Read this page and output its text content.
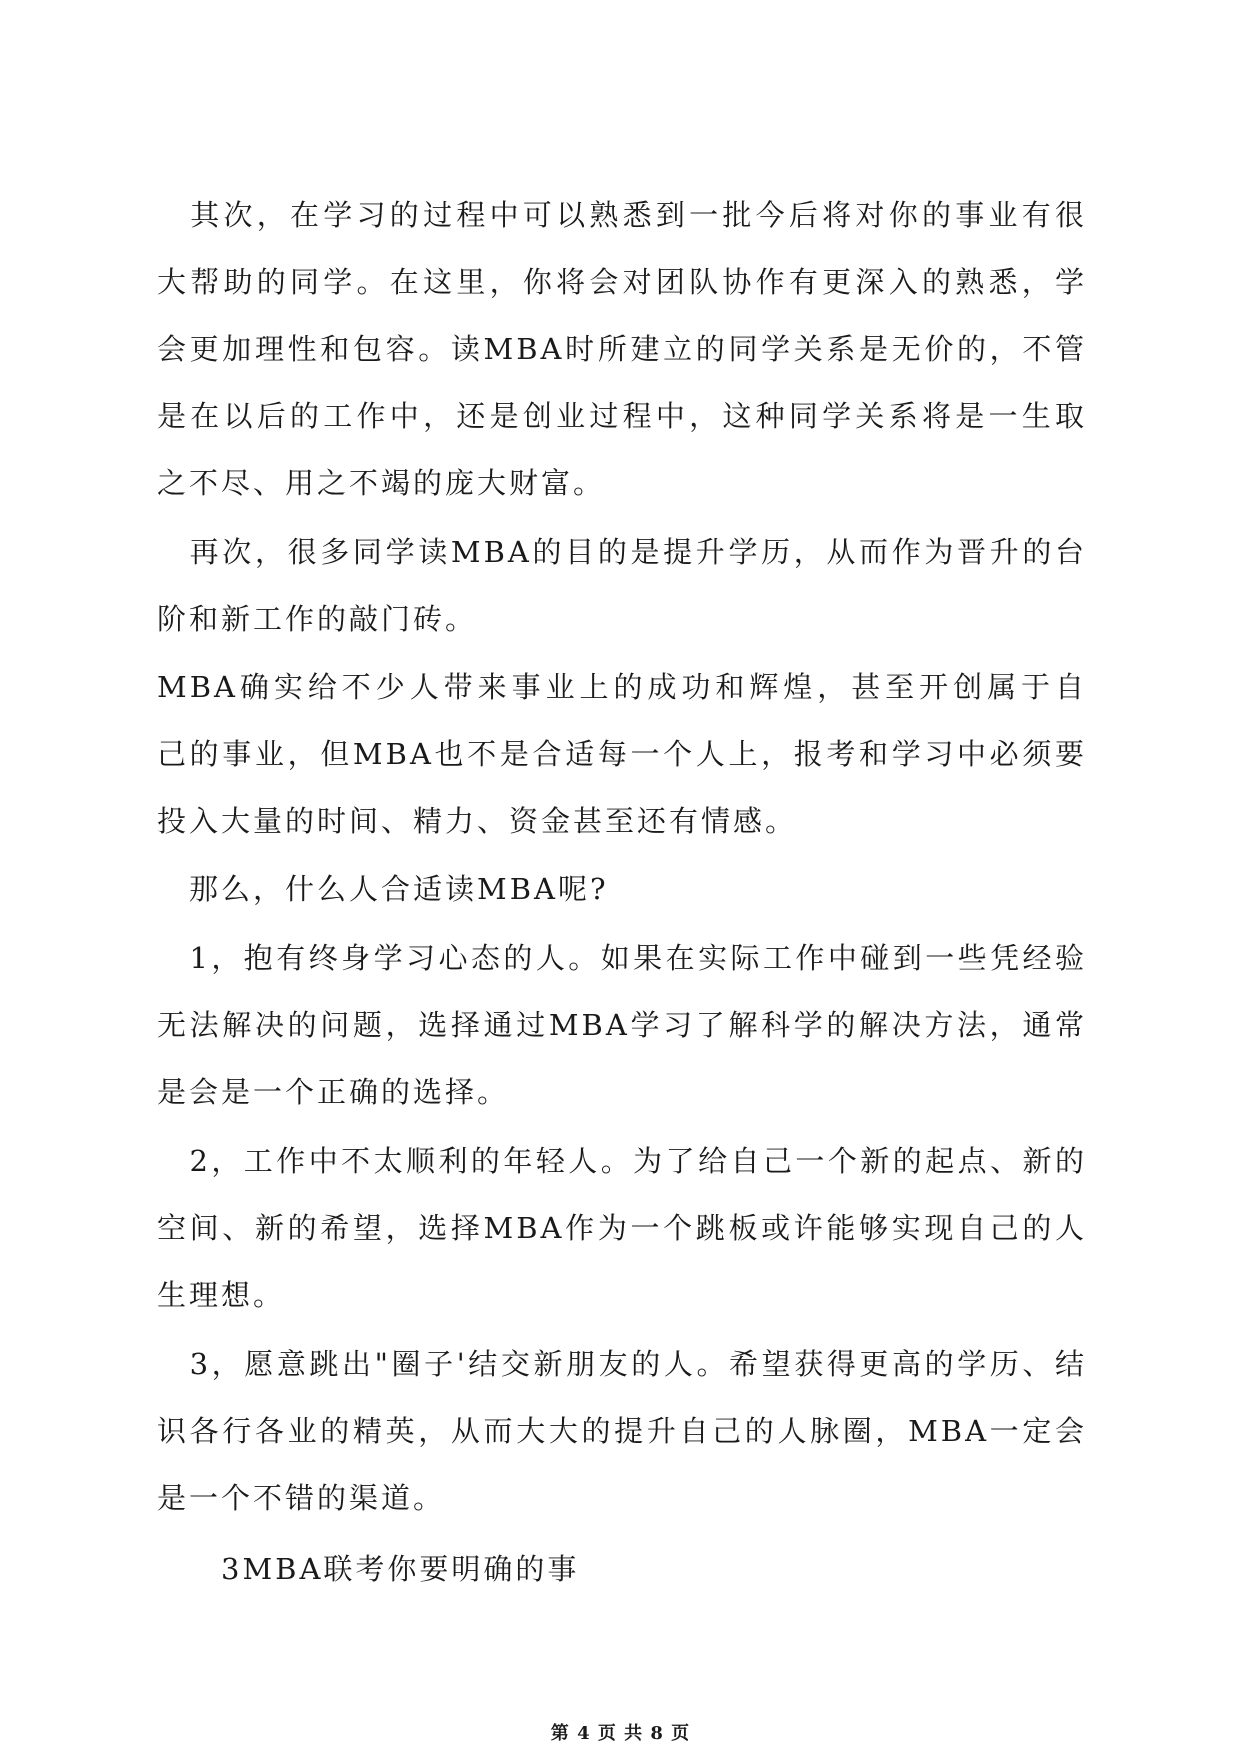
　其次，在学习的过程中可以熟悉到一批今后将对你的事业有很
大帮助的同学。在这里，你将会对团队协作有更深入的熟悉，学
会更加理性和包容。读MBA时所建立的同学关系是无价的，不管
是在以后的工作中，还是创业过程中，这种同学关系将是一生取
之不尽、用之不竭的庞大财富。
　再次，很多同学读MBA的目的是提升学历，从而作为晋升的台
阶和新工作的敲门砖。
MBA确实给不少人带来事业上的成功和辉煌，甚至开创属于自
己的事业，但MBA也不是合适每一个人上，报考和学习中必须要
投入大量的时间、精力、资金甚至还有情感。
　那么，什么人合适读MBA呢?
　1，抱有终身学习心态的人。如果在实际工作中碰到一些凭经验
无法解决的问题，选择通过MBA学习了解科学的解决方法，通常
是会是一个正确的选择。
　2，工作中不太顺利的年轻人。为了给自己一个新的起点、新的
空间、新的希望，选择MBA作为一个跳板或许能够实现自己的人
生理想。
　3，愿意跳出"圈子'结交新朋友的人。希望获得更高的学历、结
识各行各业的精英，从而大大的提升自己的人脉圈，MBA一定会
是一个不错的渠道。
　　3MBA联考你要明确的事
第 4 页 共 8 页
